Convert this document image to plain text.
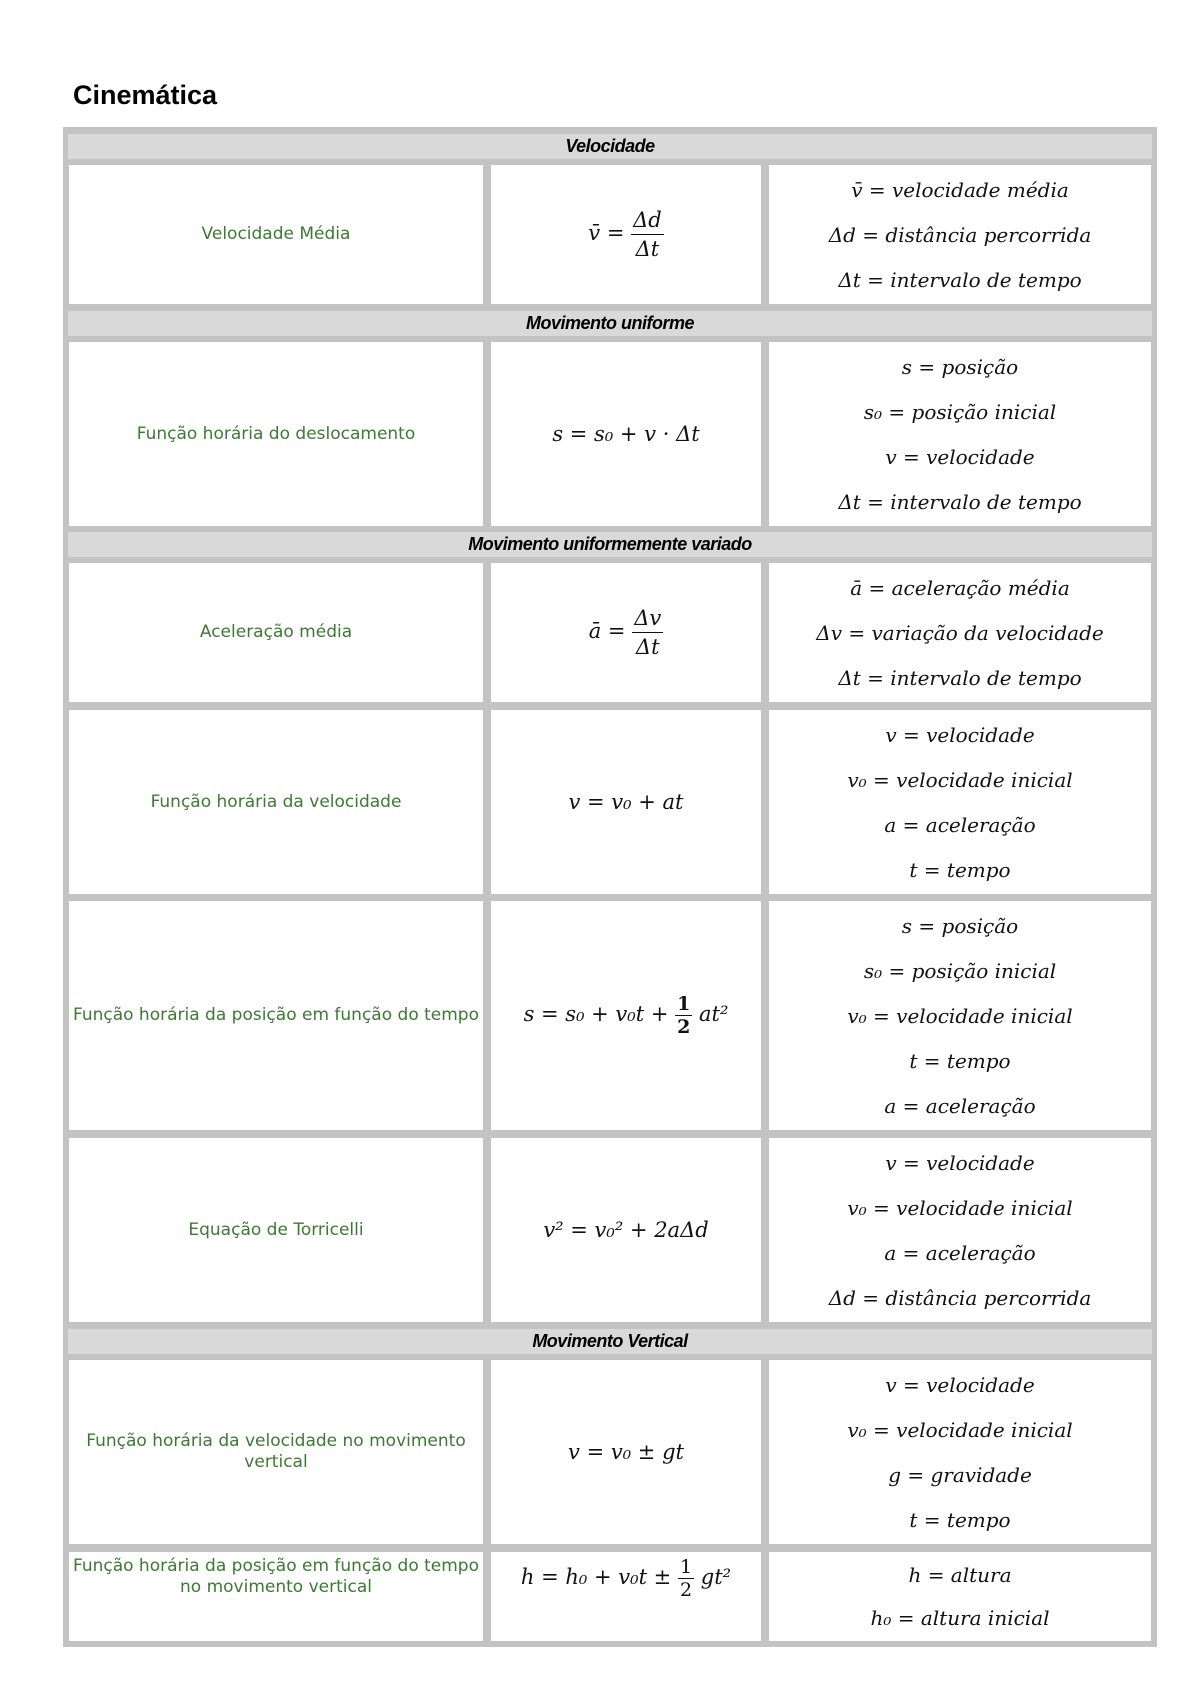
Cinemática
Velocidade
Velocidade Média	v̄ = $\frac{\Delta d}{\Delta t}$
v̄ = velocidade média
Δd = distância percorrida
Δt = intervalo de tempo
Movimento uniforme
Função horária do deslocamento	s = s₀ + v · Δt
s = posição
s₀ = posição inicial
v = velocidade
Δt = intervalo de tempo
Movimento uniformemente variado
Aceleração média	ā = $\frac{\Delta v}{\Delta t}$
ā = aceleração média
Δv = variação da velocidade
Δt = intervalo de tempo
Função horária da velocidade	v = v₀ + at
v = velocidade
v₀ = velocidade inicial
a = aceleração
t = tempo
Função horária da posição em função do tempo $s = s_0 + v_0t + \frac{1}{2} at^2$
s = posição
s₀ = posição inicial
v₀ = velocidade inicial
t = tempo
a = aceleração
Equação de Torricelli	v² = v₀² + 2aΔd
v = velocidade
v₀ = velocidade inicial
a = aceleração
Δd = distância percorrida
Movimento Vertical
Função horária da velocidade no movimento vertical	v = v₀ ± gt
v = velocidade
v₀ = velocidade inicial
g = gravidade
t = tempo
Função horária da posição em função do tempo no movimento vertical	$h = h_0 + v_0t \pm \frac{1}{2} gt^2$	h = altura
h₀ = altura inicial
